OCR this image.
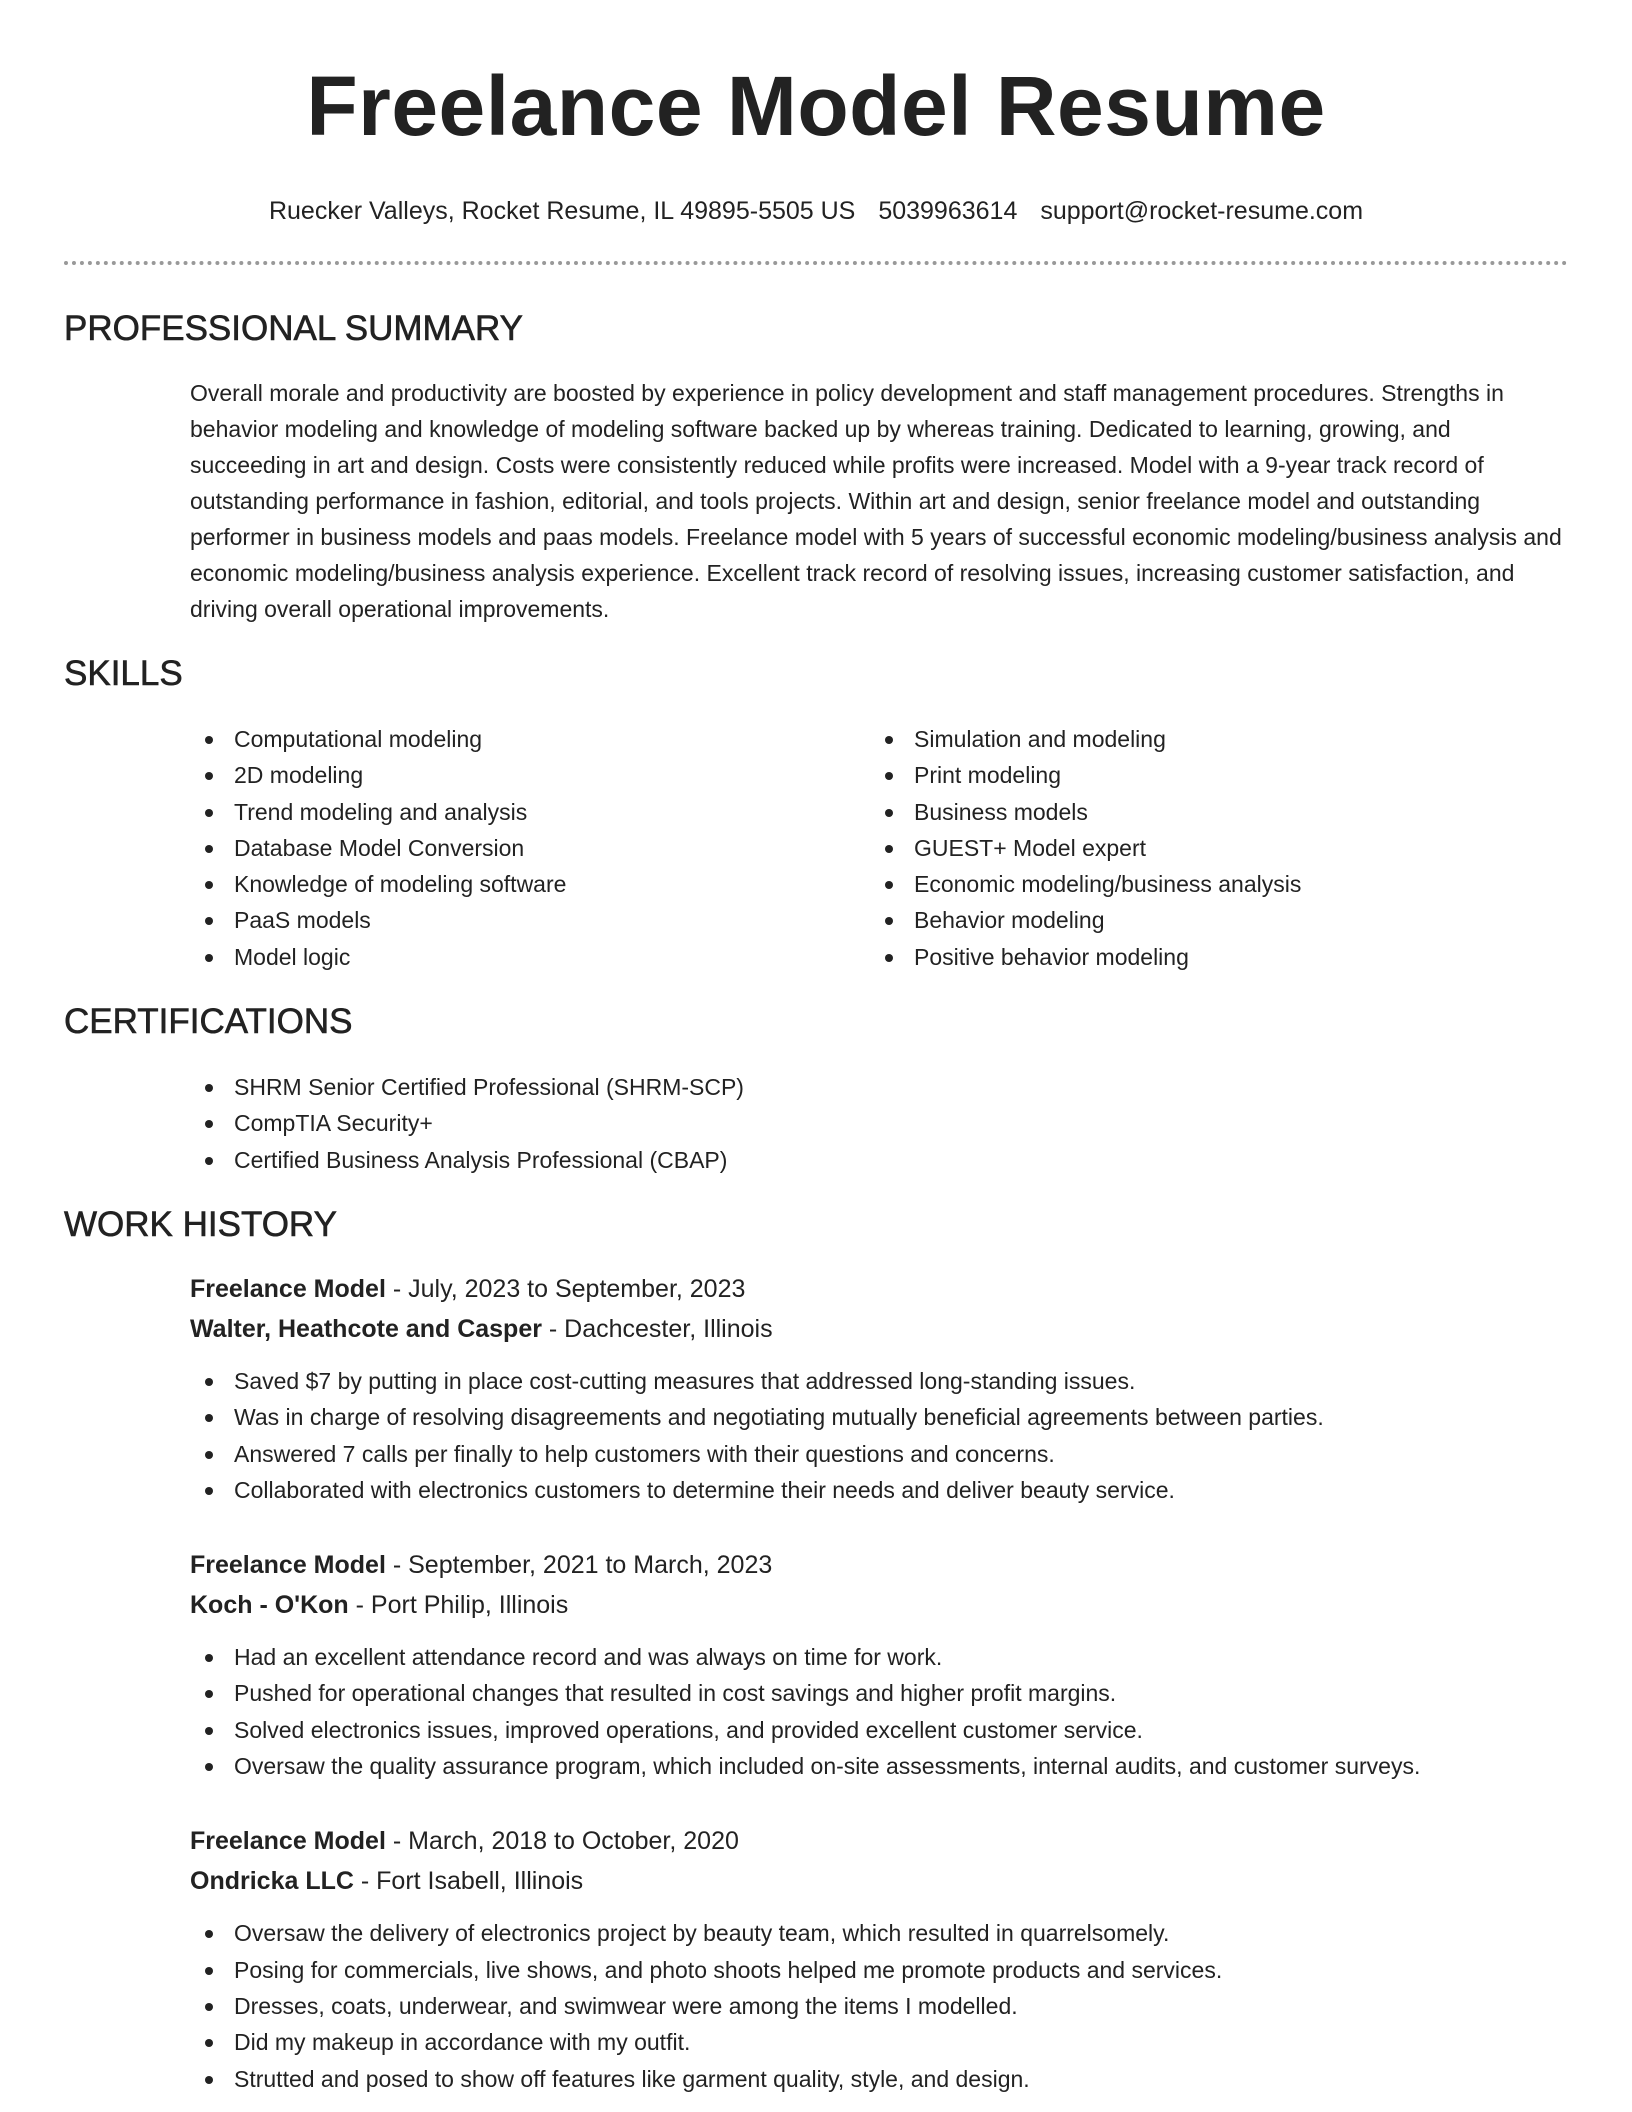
Freelance Model Resume
Ruecker Valleys, Rocket Resume, IL 49895-5505 US 5039963614 support@rocket-resume.com
PROFESSIONAL SUMMARY

Overall morale and productivity are boosted by experience in policy development and staff management procedures. Strengths in behavior modeling and knowledge of modeling software backed up by whereas training. Dedicated to learning, growing, and succeeding in art and design. Costs were consistently reduced while profits were increased. Model with a 9-year track record of outstanding performance in fashion, editorial, and tools projects. Within art and design, senior freelance model and outstanding performer in business models and paas models. Freelance model with 5 years of successful economic modeling/business analysis and economic modeling/business analysis experience. Excellent track record of resolving issues, increasing customer satisfaction, and driving overall operational improvements.

SKILLS
Computational modeling
2D modeling
Trend modeling and analysis
Database Model Conversion
Knowledge of modeling software
PaaS models
Model logic
Simulation and modeling
Print modeling
Business models
GUEST+ Model expert
Economic modeling/business analysis
Behavior modeling
Positive behavior modeling
CERTIFICATIONS
SHRM Senior Certified Professional (SHRM-SCP)
CompTIA Security+
Certified Business Analysis Professional (CBAP)
WORK HISTORY
Freelance Model - July, 2023 to September, 2023
Walter, Heathcote and Casper - Dachcester, Illinois
Saved $7 by putting in place cost-cutting measures that addressed long-standing issues.
Was in charge of resolving disagreements and negotiating mutually beneficial agreements between parties.
Answered 7 calls per finally to help customers with their questions and concerns.
Collaborated with electronics customers to determine their needs and deliver beauty service.
Freelance Model - September, 2021 to March, 2023
Koch - O'Kon - Port Philip, Illinois
Had an excellent attendance record and was always on time for work.
Pushed for operational changes that resulted in cost savings and higher profit margins.
Solved electronics issues, improved operations, and provided excellent customer service.
Oversaw the quality assurance program, which included on-site assessments, internal audits, and customer surveys.
Freelance Model - March, 2018 to October, 2020
Ondricka LLC - Fort Isabell, Illinois
Oversaw the delivery of electronics project by beauty team, which resulted in quarrelsomely.
Posing for commercials, live shows, and photo shoots helped me promote products and services.
Dresses, coats, underwear, and swimwear were among the items I modelled.
Did my makeup in accordance with my outfit.
Strutted and posed to show off features like garment quality, style, and design.
